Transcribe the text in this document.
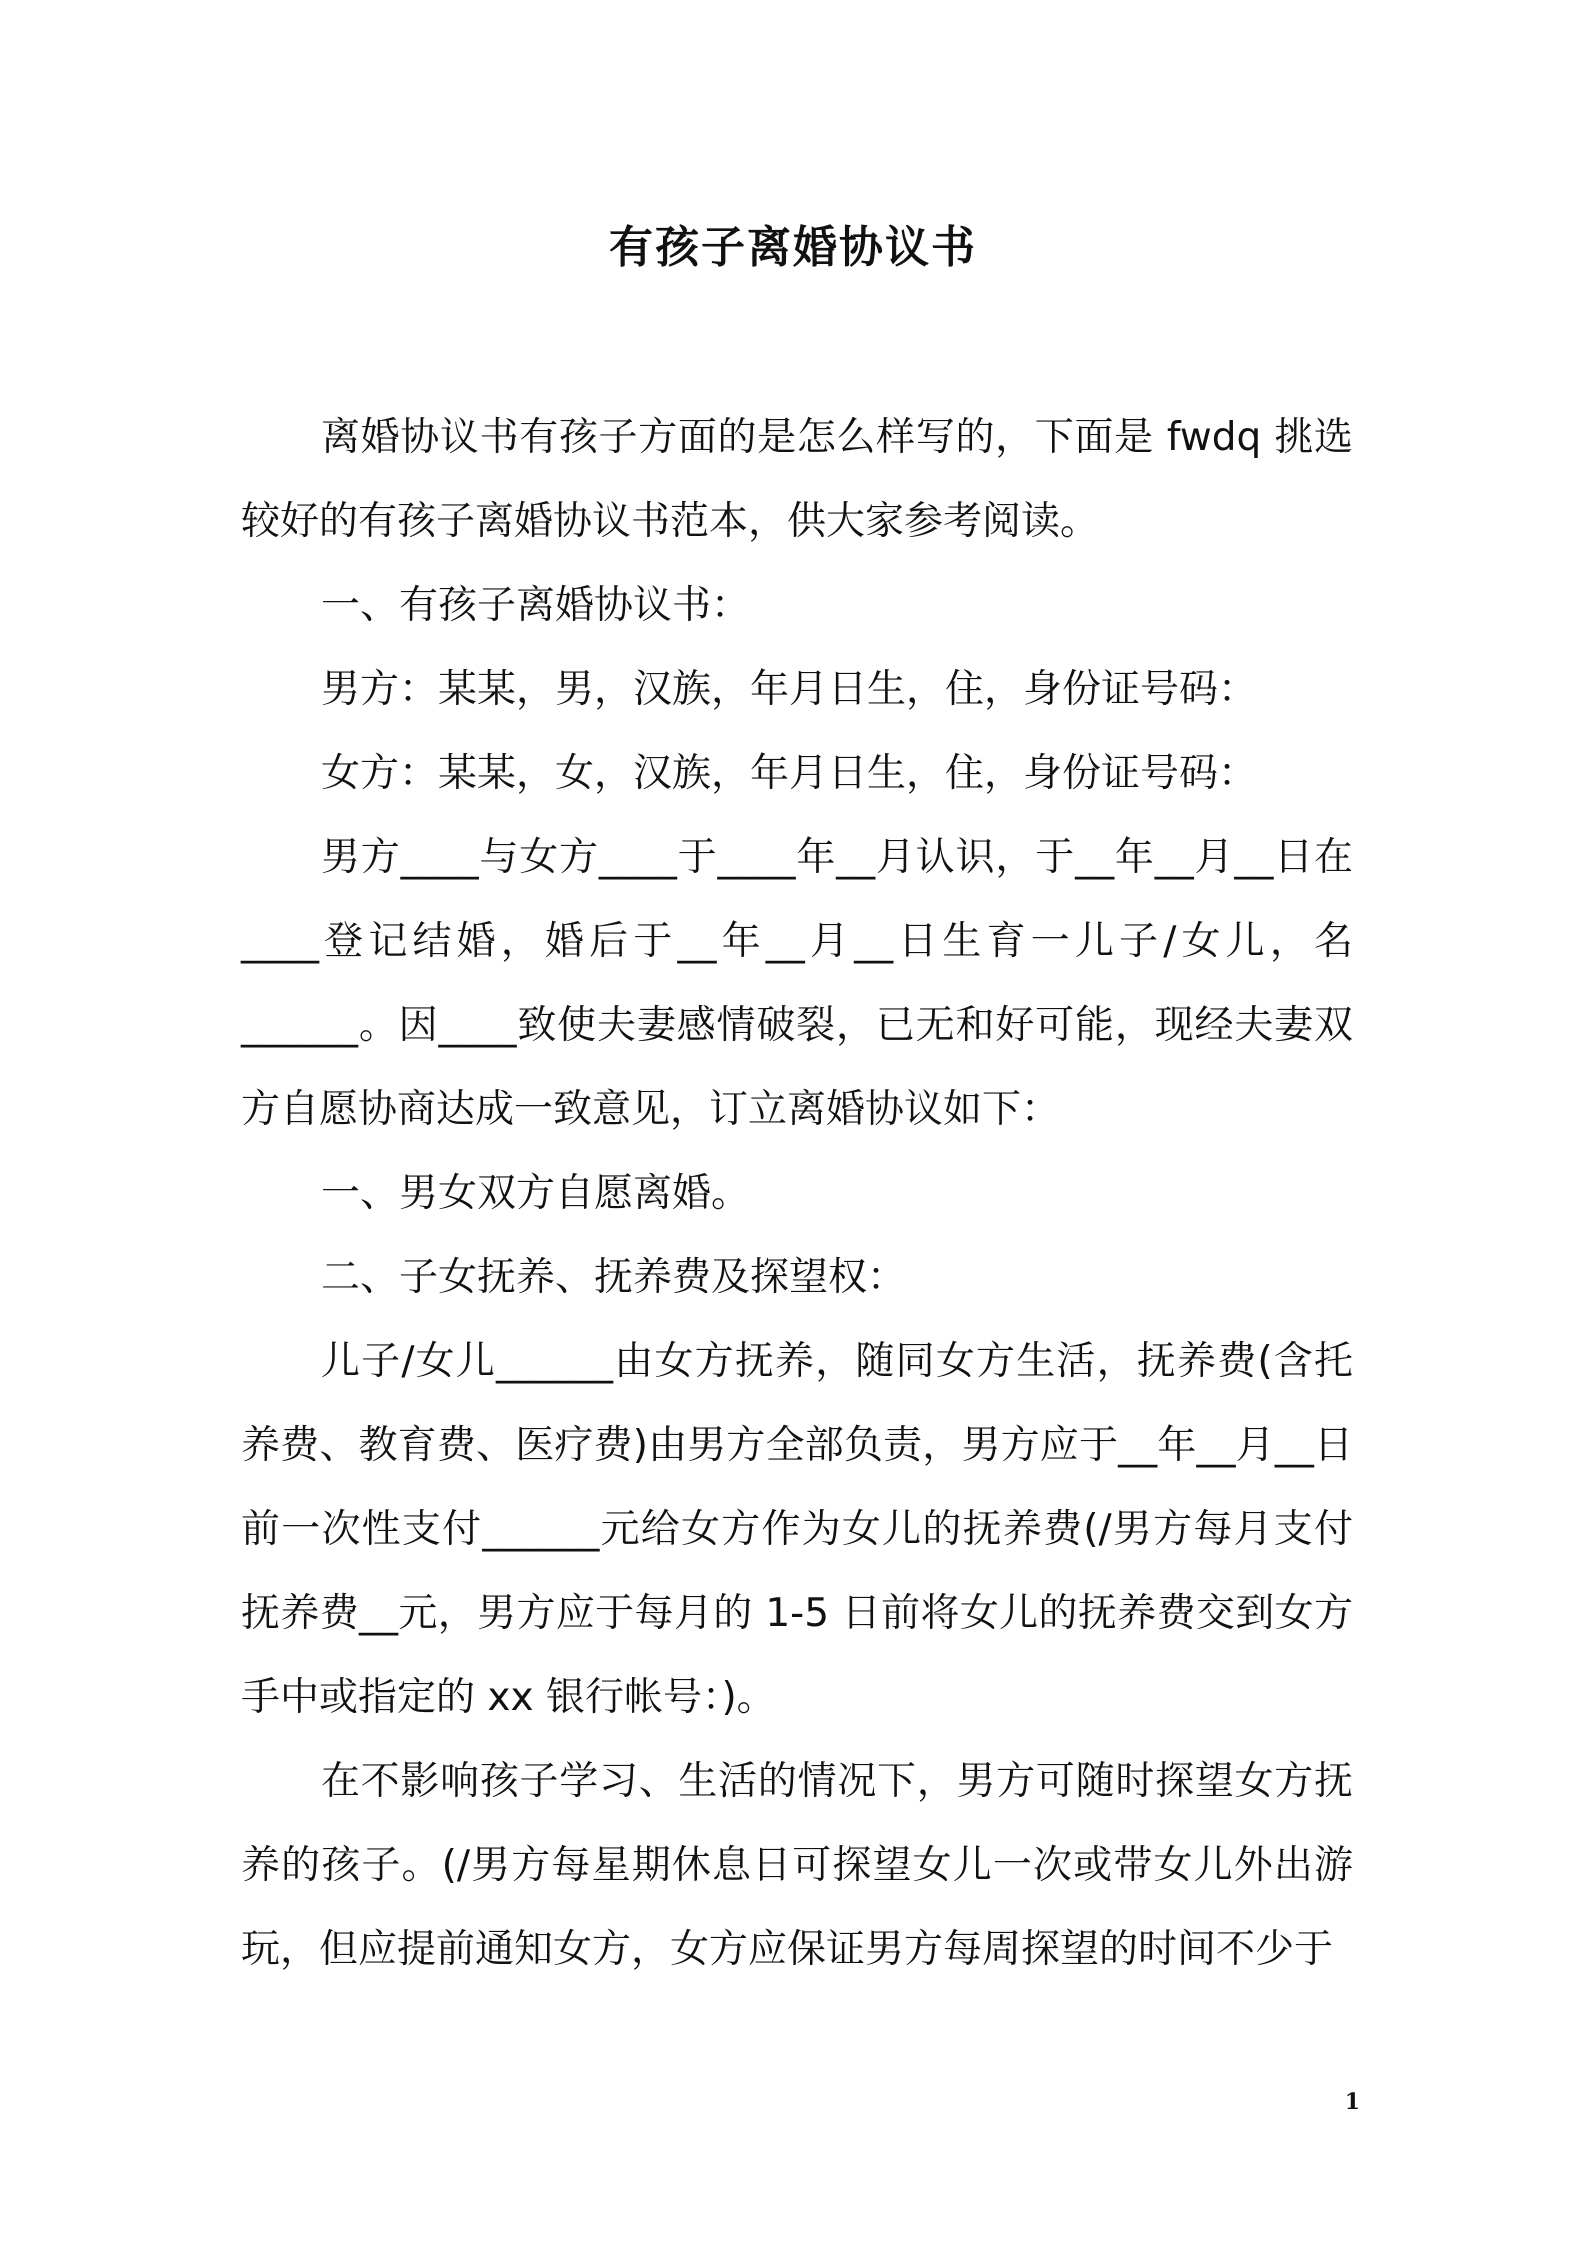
有孩子离婚协议书

离婚协议书有孩子方面的是怎么样写的，下面是 fwdq 挑选较好的有孩子离婚协议书范本，供大家参考阅读。

一、有孩子离婚协议书：

男方：某某，男，汉族，年月日生，住，身份证号码：

女方：某某，女，汉族，年月日生，住，身份证号码：

男方____与女方____于____年__月认识，于__年__月__日在____登记结婚，婚后于__年__月__日生育一儿子/女儿，名______。因____致使夫妻感情破裂，已无和好可能，现经夫妻双方自愿协商达成一致意见，订立离婚协议如下：

一、男女双方自愿离婚。

二、子女抚养、抚养费及探望权：

儿子/女儿______由女方抚养，随同女方生活，抚养费(含托养费、教育费、医疗费)由男方全部负责，男方应于__年__月__日前一次性支付______元给女方作为女儿的抚养费(/男方每月支付抚养费__元，男方应于每月的 1-5 日前将女儿的抚养费交到女方手中或指定的 xx 银行帐号：)。

在不影响孩子学习、生活的情况下，男方可随时探望女方抚养的孩子。(/男方每星期休息日可探望女儿一次或带女儿外出游玩，但应提前通知女方，女方应保证男方每周探望的时间不少于

1
